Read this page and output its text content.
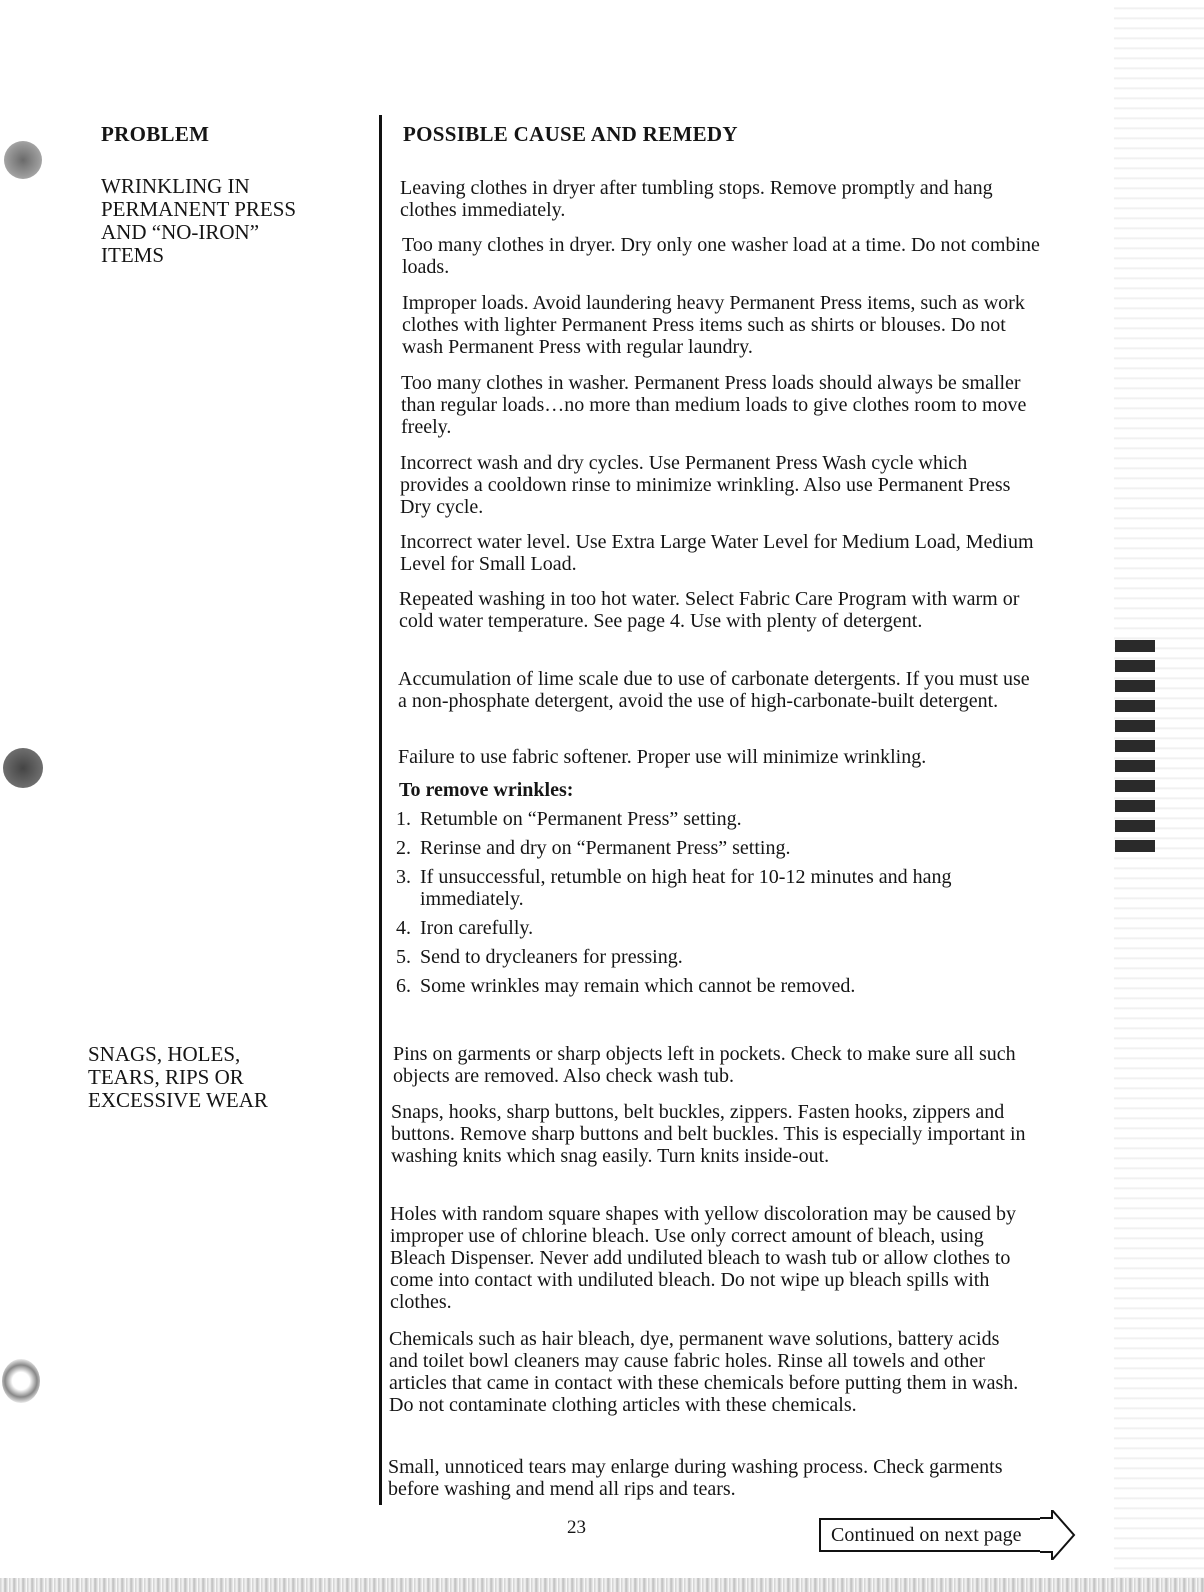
PROBLEM

WRINKLING IN
PERMANENT PRESS
AND “NO-IRON”
ITEMS

SNAGS, HOLES,
TEARS, RIPS OR
EXCESSIVE WEAR

POSSIBLE CAUSE AND REMEDY

Leaving clothes in dryer after tumbling stops. Remove promptly and hang clothes immediately.

Too many clothes in dryer. Dry only one washer load at a time. Do not combine loads.

Improper loads. Avoid laundering heavy Permanent Press items, such as work clothes with lighter Permanent Press items such as shirts or blouses. Do not wash Permanent Press with regular laundry.

Too many clothes in washer. Permanent Press loads should always be smaller than regular loads…no more than medium loads to give clothes room to move freely.

Incorrect wash and dry cycles. Use Permanent Press Wash cycle which provides a cooldown rinse to minimize wrinkling. Also use Permanent Press Dry cycle.

Incorrect water level. Use Extra Large Water Level for Medium Load, Medium Level for Small Load.

Repeated washing in too hot water. Select Fabric Care Program with warm or cold water temperature. See page 4. Use with plenty of detergent.

Accumulation of lime scale due to use of carbonate detergents. If you must use a non-phosphate detergent, avoid the use of high-carbonate-built detergent.

Failure to use fabric softener. Proper use will minimize wrinkling.

To remove wrinkles:
1. Retumble on “Permanent Press” setting.
2. Rerinse and dry on “Permanent Press” setting.
3. If unsuccessful, retumble on high heat for 10-12 minutes and hang immediately.
4. Iron carefully.
5. Send to drycleaners for pressing.
6. Some wrinkles may remain which cannot be removed.

Pins on garments or sharp objects left in pockets. Check to make sure all such objects are removed. Also check wash tub.

Snaps, hooks, sharp buttons, belt buckles, zippers. Fasten hooks, zippers and buttons. Remove sharp buttons and belt buckles. This is especially important in washing knits which snag easily. Turn knits inside-out.

Holes with random square shapes with yellow discoloration may be caused by improper use of chlorine bleach. Use only correct amount of bleach, using Bleach Dispenser. Never add undiluted bleach to wash tub or allow clothes to come into contact with undiluted bleach. Do not wipe up bleach spills with clothes.

Chemicals such as hair bleach, dye, permanent wave solutions, battery acids and toilet bowl cleaners may cause fabric holes. Rinse all towels and other articles that came in contact with these chemicals before putting them in wash. Do not contaminate clothing articles with these chemicals.

Small, unnoticed tears may enlarge during washing process. Check garments before washing and mend all rips and tears.

23	Continued on next page
